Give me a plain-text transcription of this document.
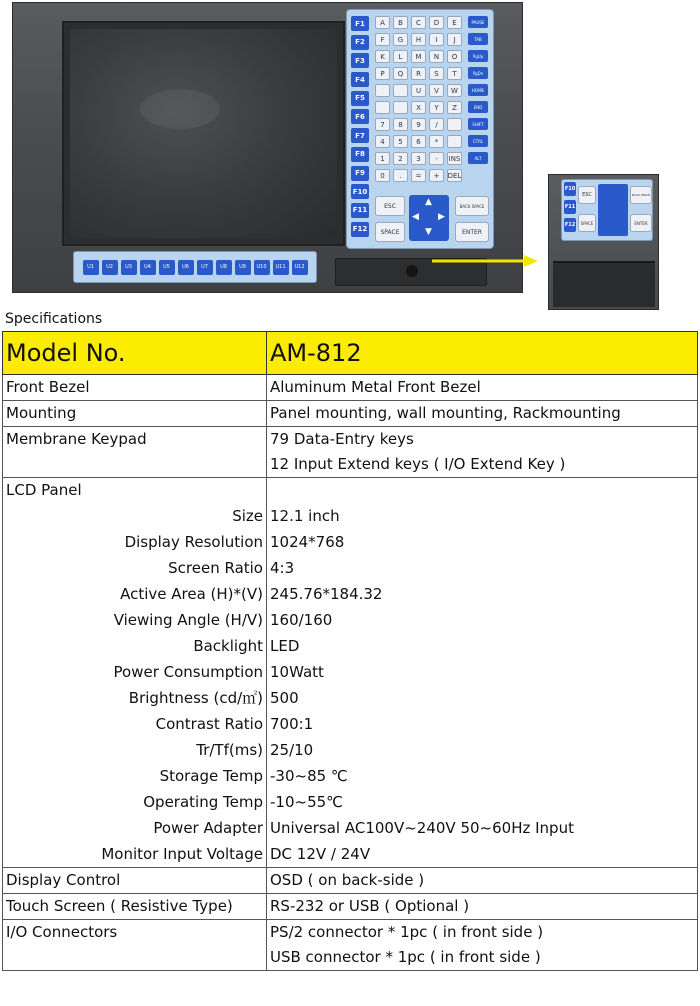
F1
F2
F3
F4
F5
F6
F7
F8
F9
F10
F11
F12
A	B	C	D	E
F	G	H	I	J
K	L	M	N	O
P	Q	R	S	T
U	V	W
X	Y	Z
7	8	9	/
4	5	6	*
1	2	3	-	INS
0	.	=	+	DEL
PAUSE
TAB
PgUp
PgDn
HOME
END
SHIFT
CTRL
ALT
ESC
SPACE
▲
◀ ▶
▼
BACK SPACE
ENTER
U1	U2	U3	U4	U5	U6	U7	U8	U9	U10	U11	U12
F10
F11
F12
ESC
SPACE
BACK SPACE
ENTER
Specifications
Model No.	AM-812
Front Bezel	Aluminum Metal Front Bezel
Mounting	Panel mounting, wall mounting, Rackmounting
Membrane Keypad	79 Data-Entry keys
12 Input Extend keys ( I/O Extend Key )

LCD Panel	
Size	12.1 inch
Display Resolution	1024*768
Screen Ratio	4:3
Active Area (H)*(V)	245.76*184.32
Viewing Angle (H/V)	160/160
Backlight	LED
Power Consumption	10Watt
Brightness (cd/㎡)	500
Contrast Ratio	700:1
Tr/Tf(ms)	25/10
Storage Temp	-30~85 ℃
Operating Temp	-10~55℃
Power Adapter	Universal AC100V~240V 50~60Hz Input
Monitor Input Voltage	DC 12V / 24V
Display Control	OSD ( on back-side )
Touch Screen ( Resistive Type)	RS-232 or USB ( Optional )
I/O Connectors	PS/2 connector * 1pc ( in front side )
USB connector * 1pc ( in front side )
